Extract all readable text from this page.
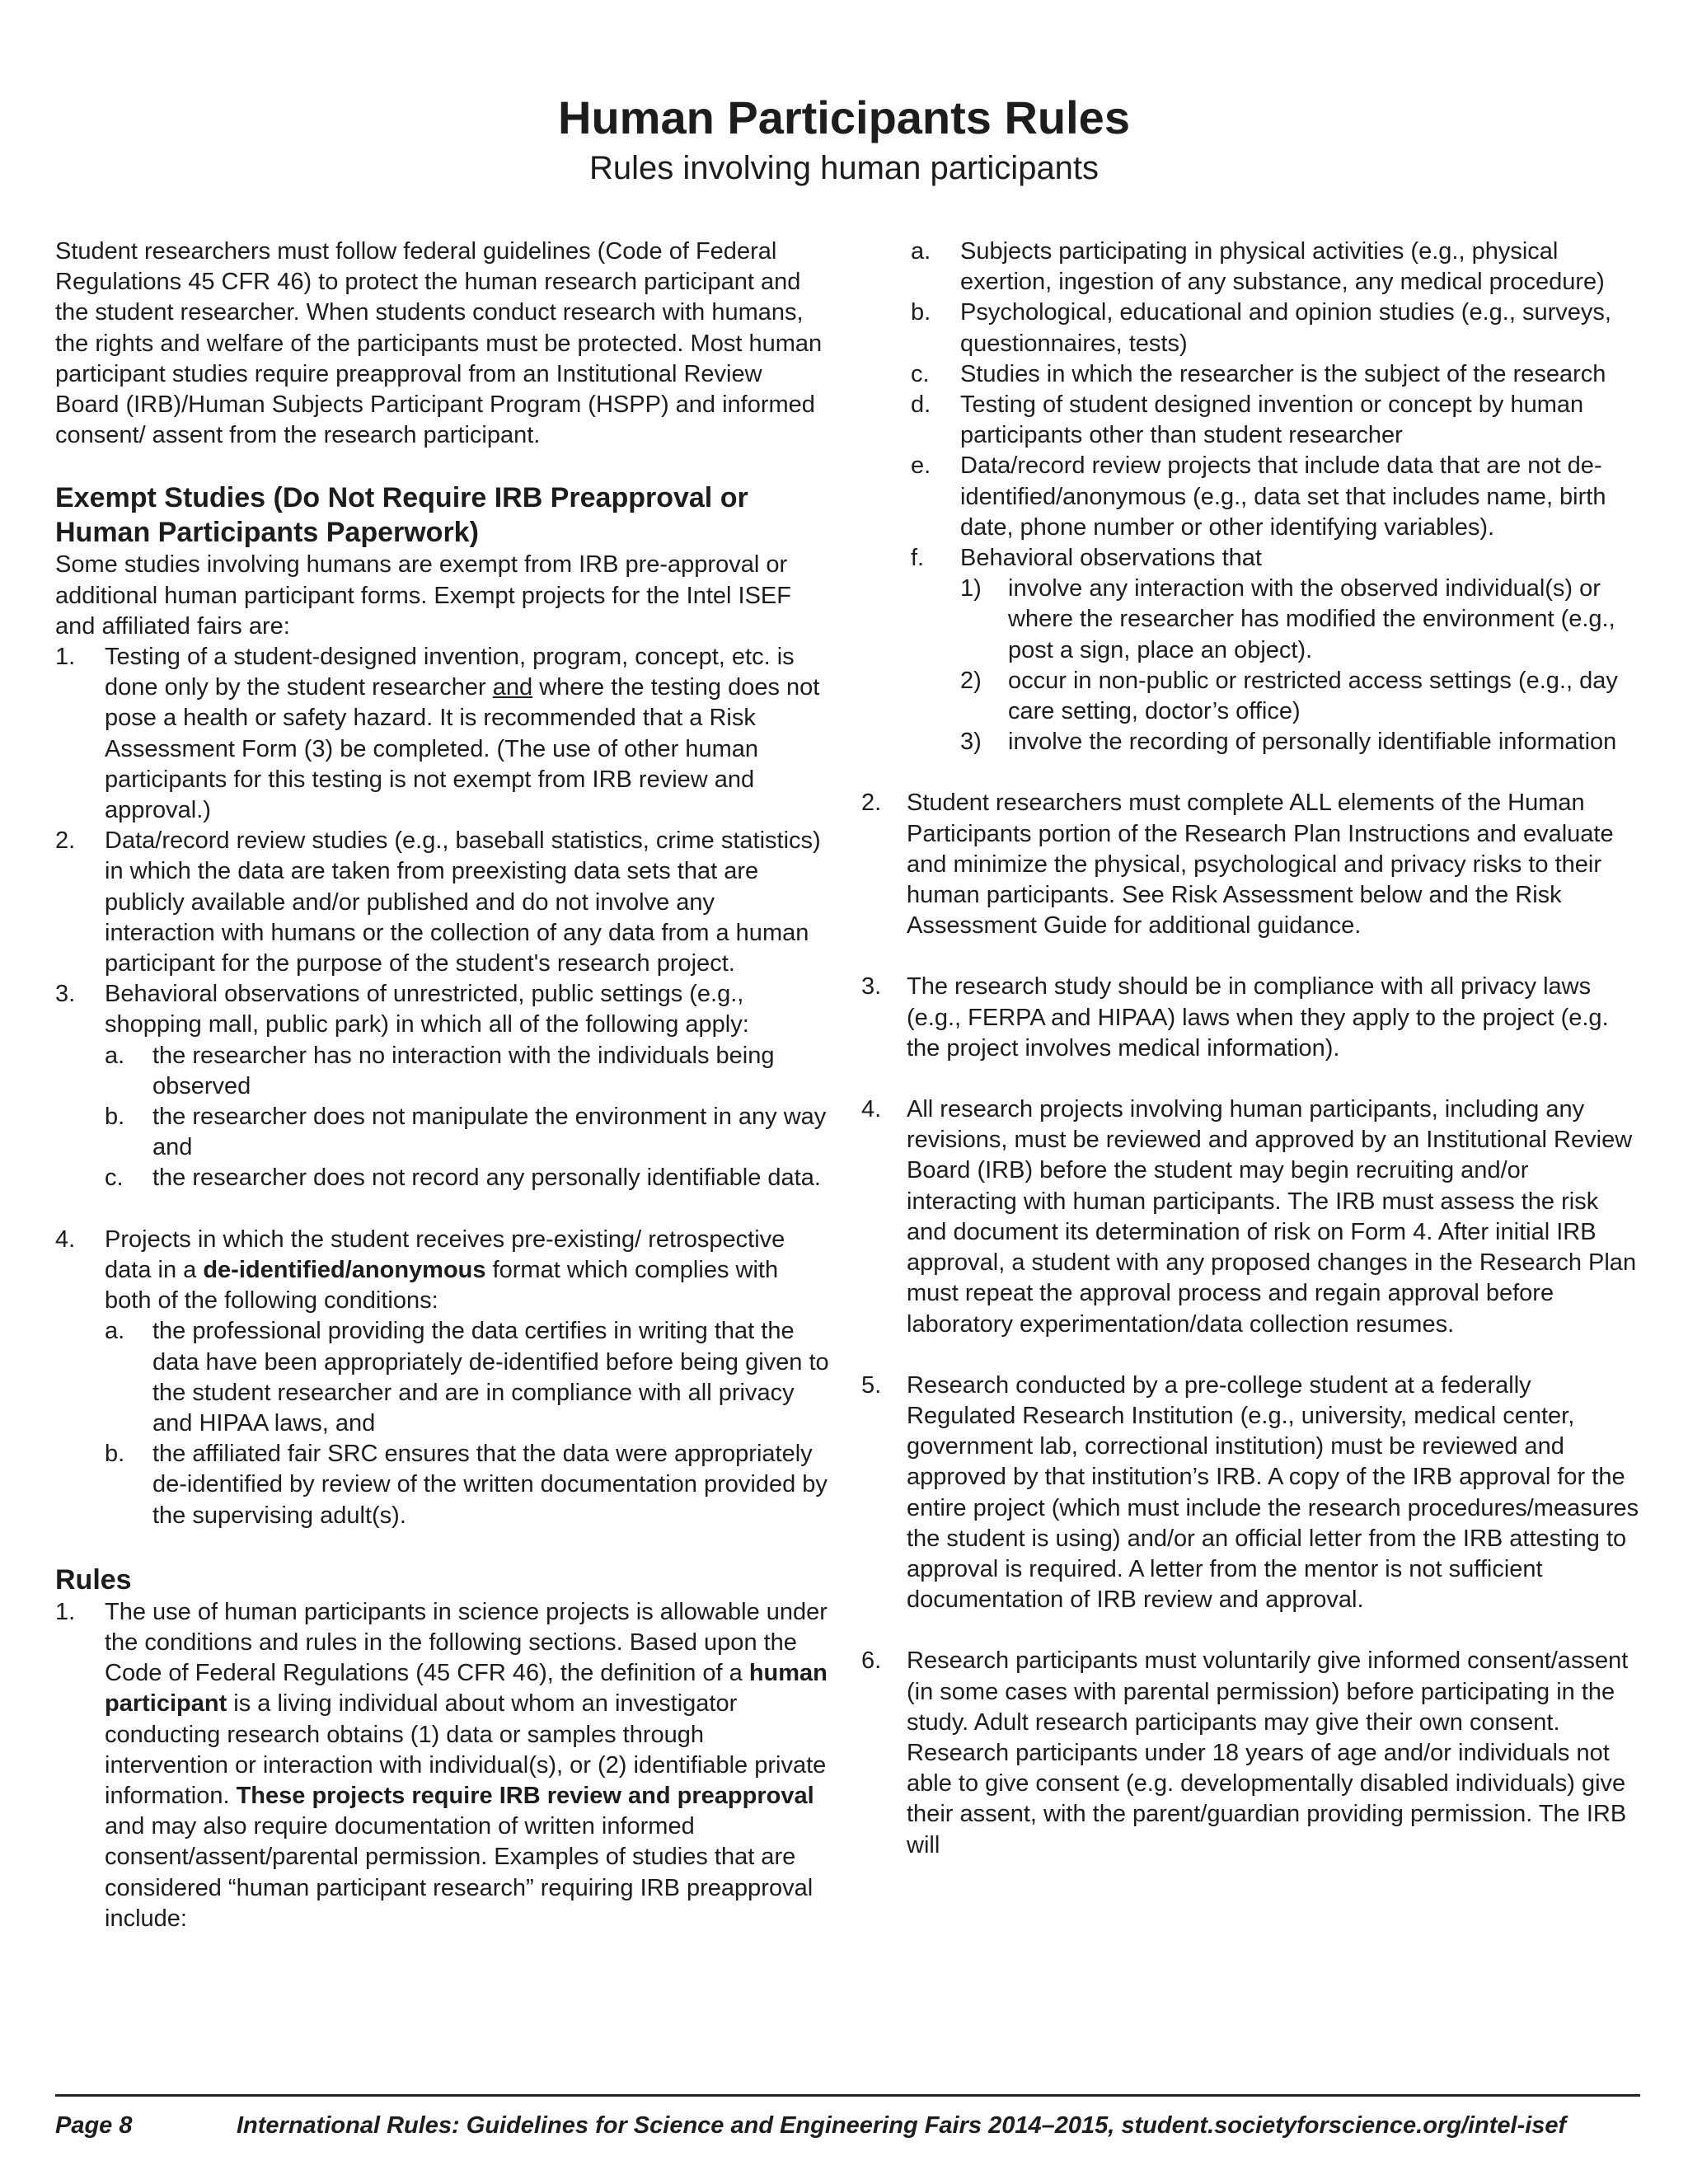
Human Participants Rules

Rules involving human participants

Student researchers must follow federal guidelines (Code of Federal Regulations 45 CFR 46) to protect the human research participant and the student researcher. When students conduct research with humans, the rights and welfare of the participants must be protected. Most human participant studies require preapproval from an Institutional Review Board (IRB)/Human Subjects Participant Program (HSPP) and informed consent/ assent from the research participant.

Exempt Studies (Do Not Require IRB Preapproval or Human Participants Paperwork)

Some studies involving humans are exempt from IRB pre-approval or additional human participant forms. Exempt projects for the Intel ISEF and affiliated fairs are:

1. Testing of a student-designed invention, program, concept, etc. is done only by the student researcher and where the testing does not pose a health or safety hazard. It is recommended that a Risk Assessment Form (3) be completed. (The use of other human participants for this testing is not exempt from IRB review and approval.)
2. Data/record review studies (e.g., baseball statistics, crime statistics) in which the data are taken from preexisting data sets that are publicly available and/or published and do not involve any interaction with humans or the collection of any data from a human participant for the purpose of the student's research project.
3. Behavioral observations of unrestricted, public settings (e.g., shopping mall, public park) in which all of the following apply:
a. the researcher has no interaction with the individuals being observed
b. the researcher does not manipulate the environment in any way and
c. the researcher does not record any personally identifiable data.
4. Projects in which the student receives pre-existing/ retrospective data in a de-identified/anonymous format which complies with both of the following conditions:
a. the professional providing the data certifies in writing that the data have been appropriately de-identified before being given to the student researcher and are in compliance with all privacy and HIPAA laws, and
b. the affiliated fair SRC ensures that the data were appropriately de-identified by review of the written documentation provided by the supervising adult(s).
Rules
1. The use of human participants in science projects is allowable under the conditions and rules in the following sections. Based upon the Code of Federal Regulations (45 CFR 46), the definition of a human participant is a living individual about whom an investigator conducting research obtains (1) data or samples through intervention or interaction with individual(s), or (2) identifiable private information. These projects require IRB review and preapproval and may also require documentation of written informed consent/assent/parental permission. Examples of studies that are considered “human participant research” requiring IRB preapproval include:
a. Subjects participating in physical activities (e.g., physical exertion, ingestion of any substance, any medical procedure)
b. Psychological, educational and opinion studies (e.g., surveys, questionnaires, tests)
c. Studies in which the researcher is the subject of the research
d. Testing of student designed invention or concept by human participants other than student researcher
e. Data/record review projects that include data that are not de-identified/anonymous (e.g., data set that includes name, birth date, phone number or other identifying variables).
f. Behavioral observations that
1) involve any interaction with the observed individual(s) or where the researcher has modified the environment (e.g., post a sign, place an object).
2) occur in non-public or restricted access settings (e.g., day care setting, doctor’s office)
3) involve the recording of personally identifiable information
2. Student researchers must complete ALL elements of the Human Participants portion of the Research Plan Instructions and evaluate and minimize the physical, psychological and privacy risks to their human participants. See Risk Assessment below and the Risk Assessment Guide for additional guidance.
3. The research study should be in compliance with all privacy laws (e.g., FERPA and HIPAA) laws when they apply to the project (e.g. the project involves medical information).
4. All research projects involving human participants, including any revisions, must be reviewed and approved by an Institutional Review Board (IRB) before the student may begin recruiting and/or interacting with human participants. The IRB must assess the risk and document its determination of risk on Form 4. After initial IRB approval, a student with any proposed changes in the Research Plan must repeat the approval process and regain approval before laboratory experimentation/data collection resumes.
5. Research conducted by a pre-college student at a federally Regulated Research Institution (e.g., university, medical center, government lab, correctional institution) must be reviewed and approved by that institution’s IRB. A copy of the IRB approval for the entire project (which must include the research procedures/measures the student is using) and/or an official letter from the IRB attesting to approval is required. A letter from the mentor is not sufficient documentation of IRB review and approval.
6. Research participants must voluntarily give informed consent/assent (in some cases with parental permission) before participating in the study. Adult research participants may give their own consent. Research participants under 18 years of age and/or individuals not able to give consent (e.g. developmentally disabled individuals) give their assent, with the parent/guardian providing permission. The IRB will
Page 8	International Rules: Guidelines for Science and Engineering Fairs 2014–2015, student.societyforscience.org/intel-isef
